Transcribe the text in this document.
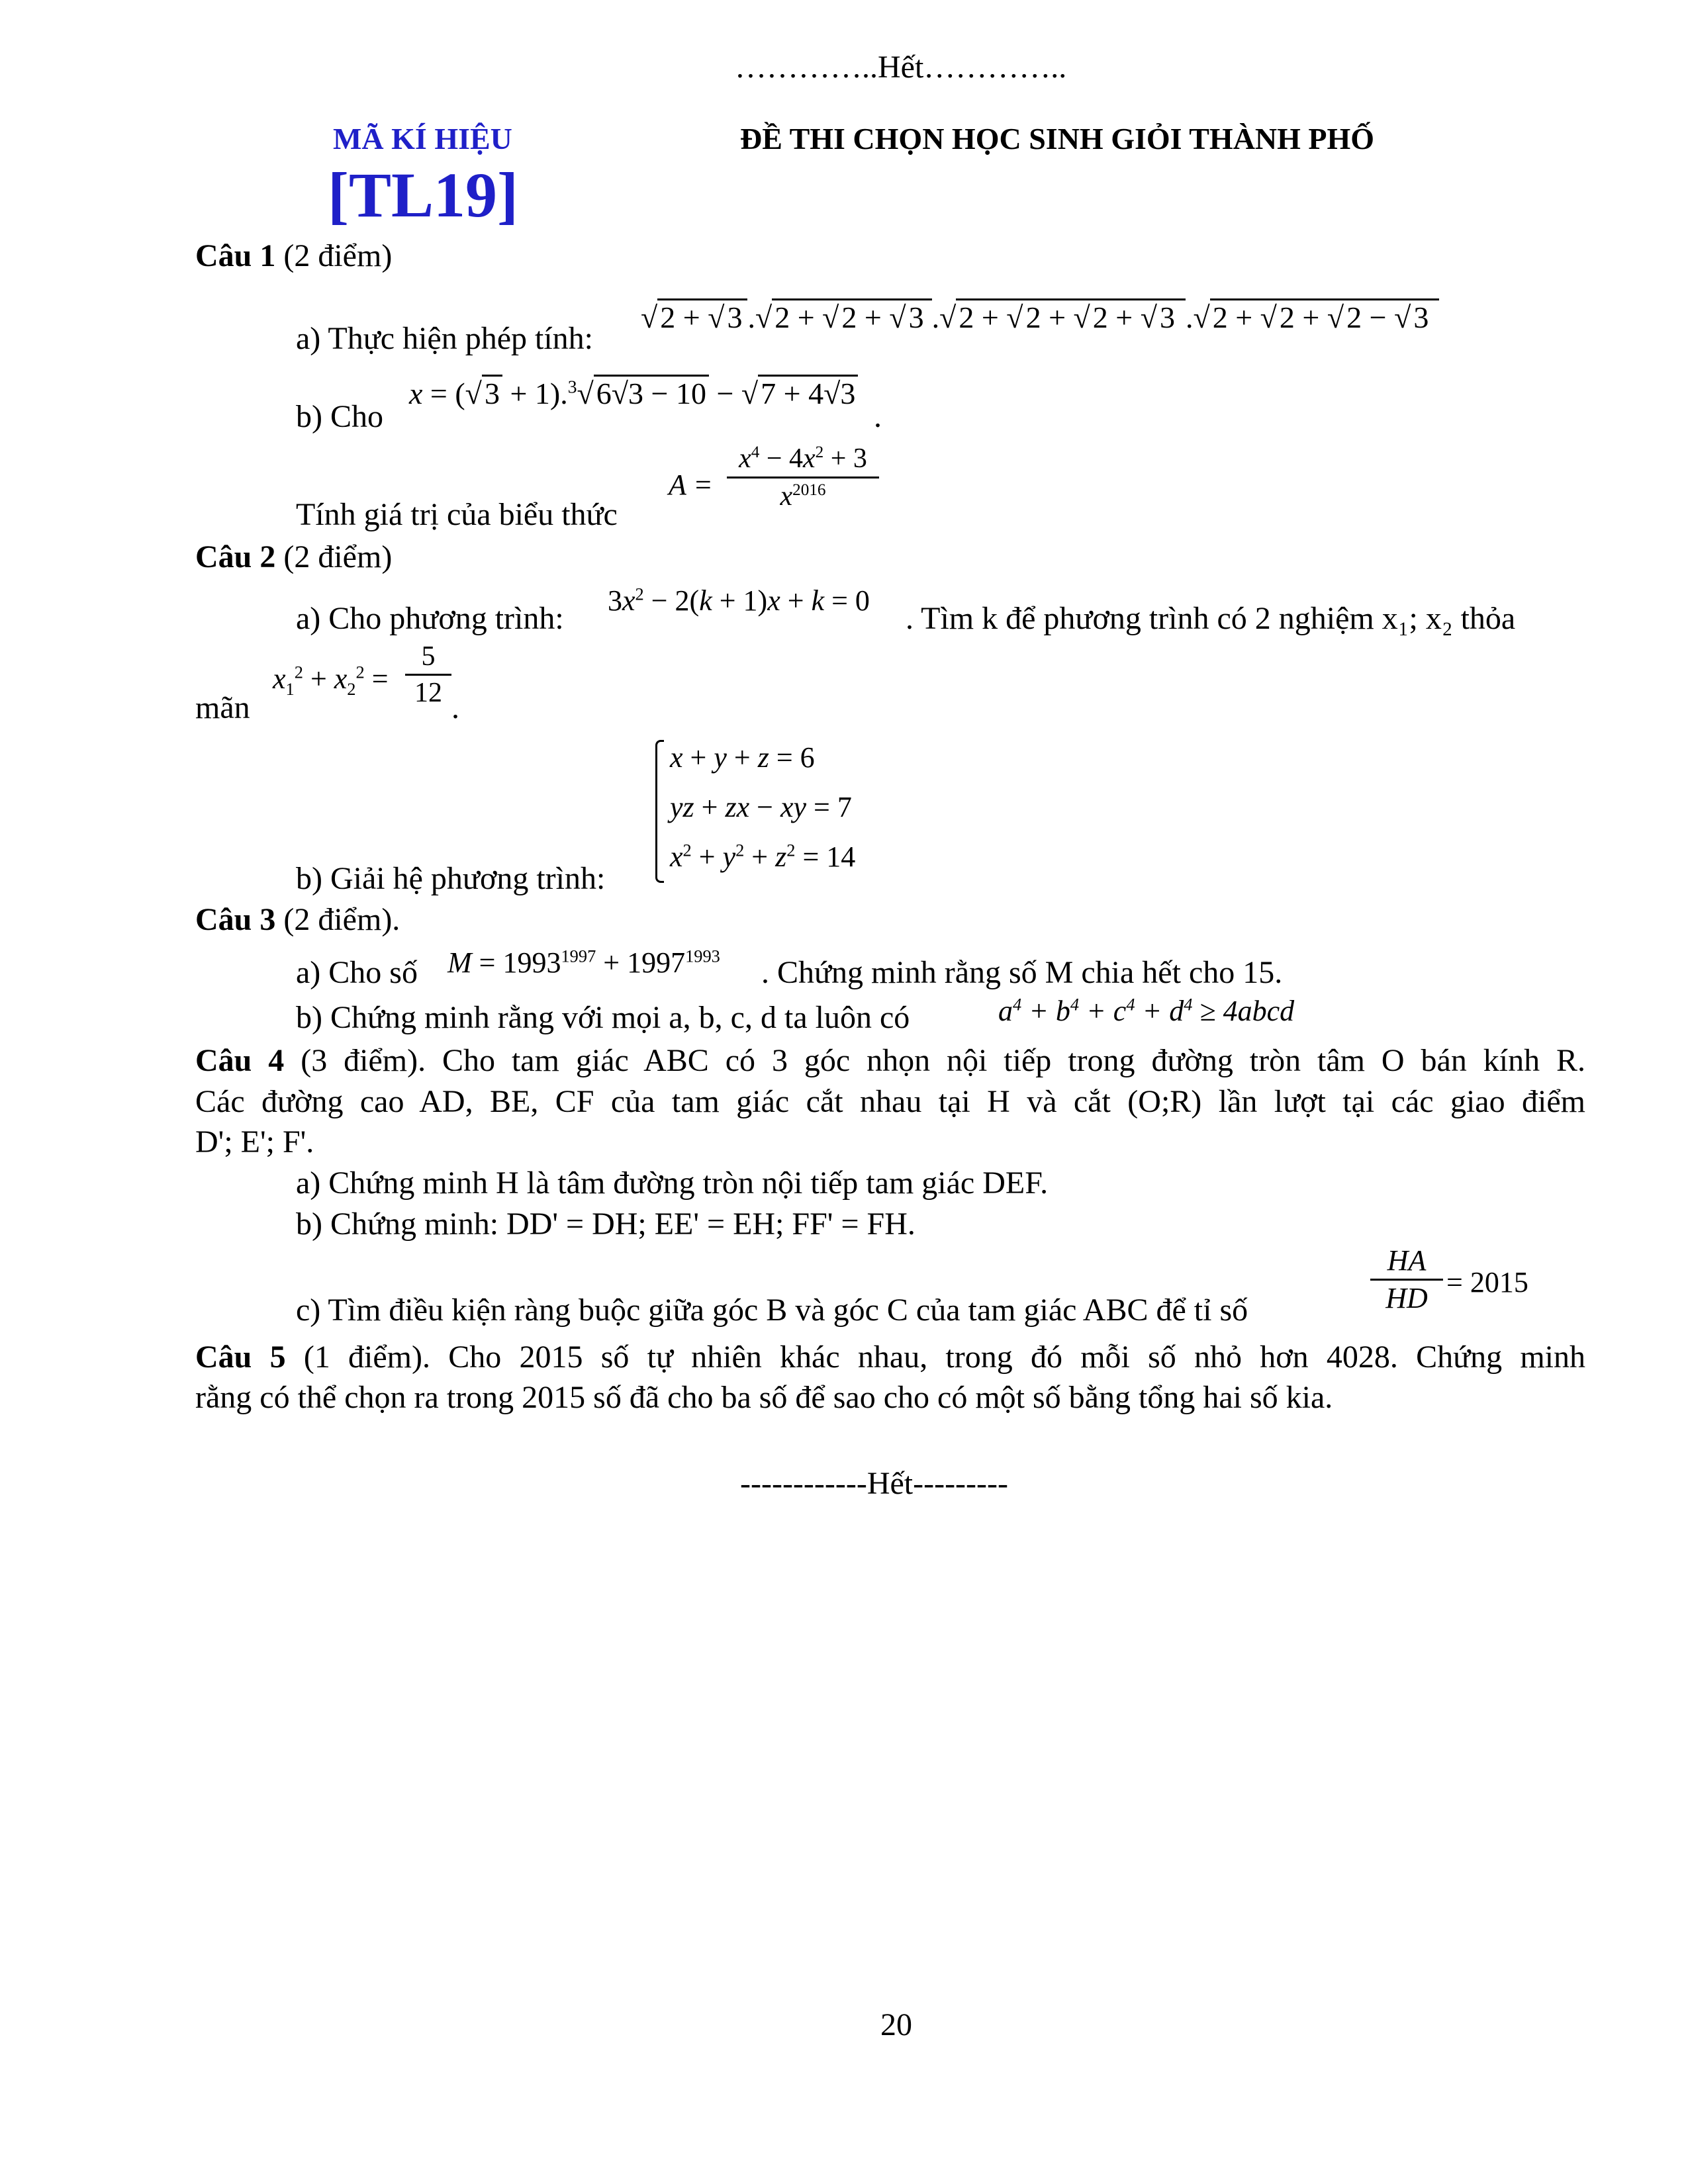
…………..Hết…………..
MÃ KÍ HIỆU
[TL19]
ĐỀ THI CHỌN HỌC SINH GIỎI THÀNH PHỐ
Câu 1 (2 điểm)
a) Thực hiện phép tính:
√2 + √3 .√2 + √2 + √3 .√2 + √2 + √2 + √3 .√2 + √2 + √2 − √3
b) Cho
x = (√3 + 1).$^3$√6√3 − 10 − √7 + 4√3
.
Tính giá trị của biểu thức
A =
$x^4 - 4x^2 + 3$
$x^{2016}$
Câu 2 (2 điểm)
a) Cho phương trình:
$3x^2 - 2(k + 1)x + k = 0$
. Tìm k để phương trình có 2 nghiệm x₁; x₂ thỏa
mãn
$x_1^2 + x_2^2$ =
5
12 .
x + y + z = 6
yz + zx − xy = 7
$x^2 + y^2 + z^2 = 14$
b) Giải hệ phương trình:
Câu 3 (2 điểm).
a) Cho số $M = 1993^{1997} + 1997^{1993}$ . Chứng minh rằng số M chia hết cho 15.
b) Chứng minh rằng với mọi a, b, c, d ta luôn có	$a^4 + b^4 + c^4 + d^4$ ≥ 4abcd
Câu 4 (3 điểm). Cho tam giác ABC có 3 góc nhọn nội tiếp trong đường tròn tâm O bán kính R.
Các đường cao AD, BE, CF của tam giác cắt nhau tại H và cắt (O;R) lần lượt tại các giao điểm
D'; E'; F'.
a) Chứng minh H là tâm đường tròn nội tiếp tam giác DEF.
b) Chứng minh: DD' = DH; EE' = EH; FF' = FH.
c) Tìm điều kiện ràng buộc giữa góc B và góc C của tam giác ABC để tỉ số
HA
HD = 2015
Câu 5 (1 điểm). Cho 2015 số tự nhiên khác nhau, trong đó mỗi số nhỏ hơn 4028. Chứng minh
rằng có thể chọn ra trong 2015 số đã cho ba số để sao cho có một số bằng tổng hai số kia.
------------Hết---------
20
